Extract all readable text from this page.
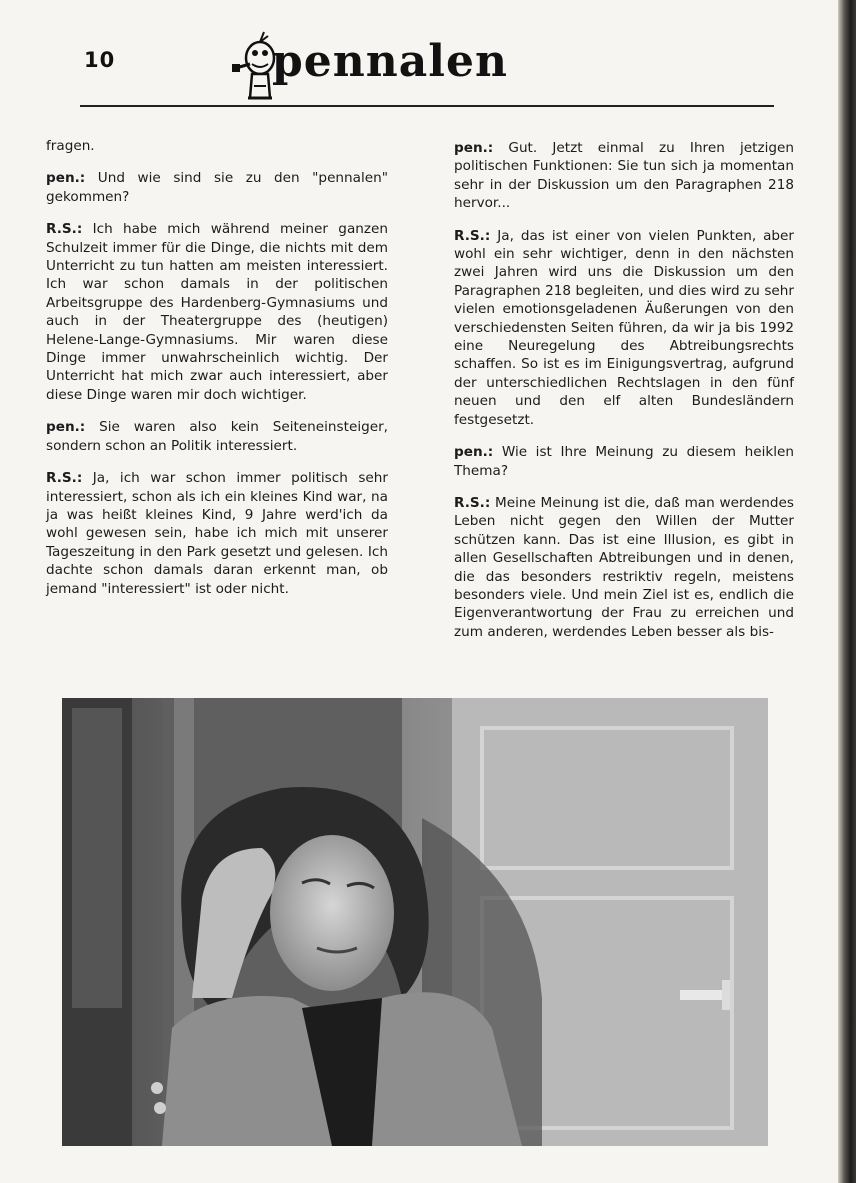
10	pennalen

fragen.

pen.: Und wie sind sie zu den "pennalen" gekommen?

R.S.: Ich habe mich während meiner ganzen Schulzeit immer für die Dinge, die nichts mit dem Unterricht zu tun hatten am meisten interessiert. Ich war schon damals in der politischen Arbeitsgruppe des Hardenberg-Gymnasiums und auch in der Theatergruppe des (heutigen) Helene-Lange-Gymnasiums. Mir waren diese Dinge immer unwahrscheinlich wichtig. Der Unterricht hat mich zwar auch interessiert, aber diese Dinge waren mir doch wichtiger.

pen.: Sie waren also kein Seiteneinsteiger, sondern schon an Politik interessiert.

R.S.: Ja, ich war schon immer politisch sehr interessiert, schon als ich ein kleines Kind war, na ja was heißt kleines Kind, 9 Jahre werd'ich da wohl gewesen sein, habe ich mich mit unserer Tageszeitung in den Park gesetzt und gelesen. Ich dachte schon damals daran erkennt man, ob jemand "interessiert" ist oder nicht.

pen.: Gut. Jetzt einmal zu Ihren jetzigen politischen Funktionen: Sie tun sich ja momentan sehr in der Diskussion um den Paragraphen 218 hervor...

R.S.: Ja, das ist einer von vielen Punkten, aber wohl ein sehr wichtiger, denn in den nächsten zwei Jahren wird uns die Diskussion um den Paragraphen 218 begleiten, und dies wird zu sehr vielen emotionsgeladenen Äußerungen von den verschiedensten Seiten führen, da wir ja bis 1992 eine Neuregelung des Abtreibungsrechts schaffen. So ist es im Einigungsvertrag, aufgrund der unterschiedlichen Rechtslagen in den fünf neuen und den elf alten Bundesländern festgesetzt.

pen.: Wie ist Ihre Meinung zu diesem heiklen Thema?

R.S.: Meine Meinung ist die, daß man werdendes Leben nicht gegen den Willen der Mutter schützen kann. Das ist eine Illusion, es gibt in allen Gesellschaften Abtreibungen und in denen, die das besonders restriktiv regeln, meistens besonders viele. Und mein Ziel ist es, endlich die Eigenverantwortung der Frau zu erreichen und zum anderen, werdendes Leben besser als bis-
